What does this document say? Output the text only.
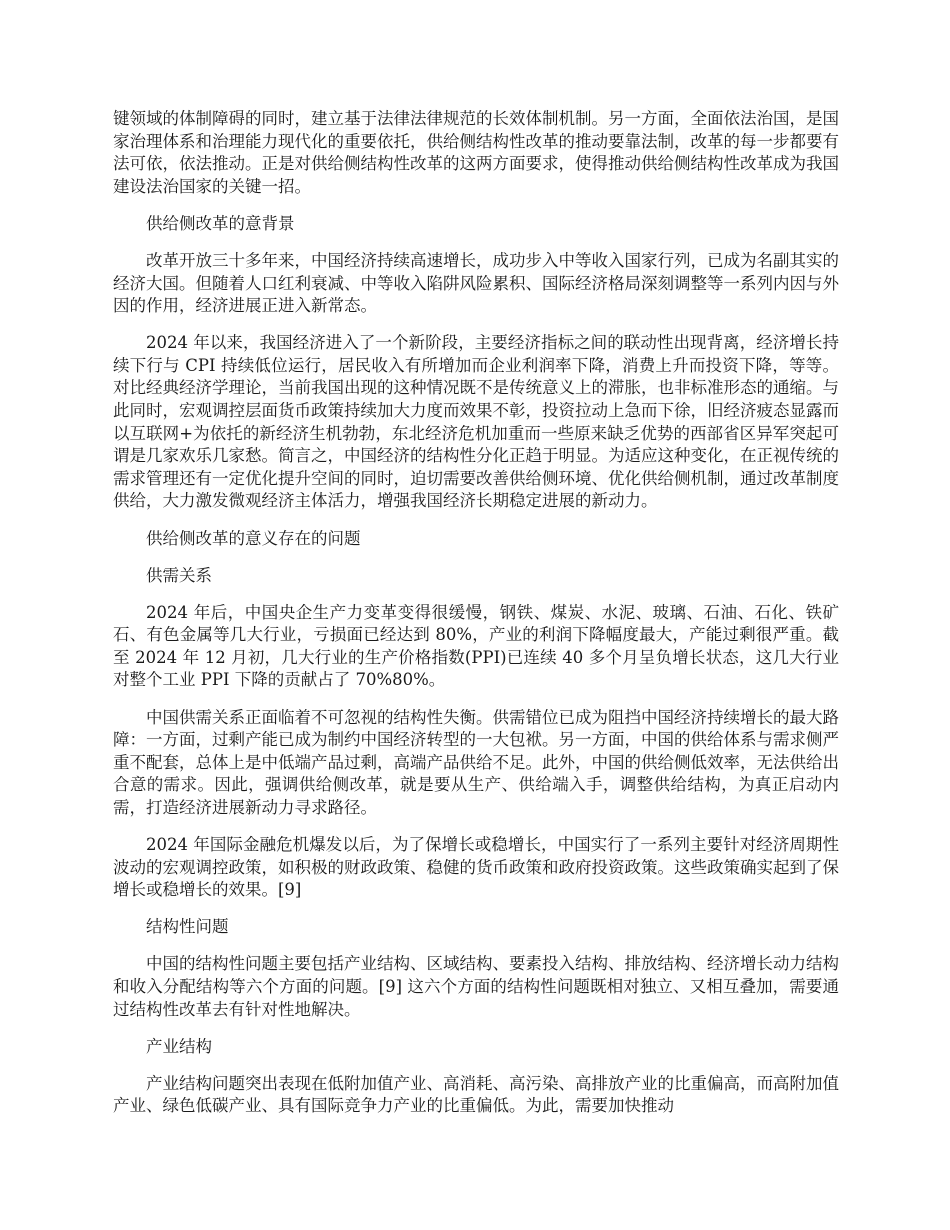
键领域的体制障碍的同时，建立基于法律法律规范的长效体制机制。另一方面，全面依法治国，是国家治理体系和治理能力现代化的重要依托，供给侧结构性改革的推动要靠法制，改革的每一步都要有法可依，依法推动。正是对供给侧结构性改革的这两方面要求，使得推动供给侧结构性改革成为我国建设法治国家的关键一招。

供给侧改革的意背景

改革开放三十多年来，中国经济持续高速增长，成功步入中等收入国家行列，已成为名副其实的经济大国。但随着人口红利衰减、中等收入陷阱风险累积、国际经济格局深刻调整等一系列内因与外因的作用，经济进展正进入新常态。

2024 年以来，我国经济进入了一个新阶段，主要经济指标之间的联动性出现背离，经济增长持续下行与 CPI 持续低位运行，居民收入有所增加而企业利润率下降，消费上升而投资下降，等等。对比经典经济学理论，当前我国出现的这种情况既不是传统意义上的滞胀，也非标准形态的通缩。与此同时，宏观调控层面货币政策持续加大力度而效果不彰，投资拉动上急而下徐，旧经济疲态显露而以互联网+为依托的新经济生机勃勃，东北经济危机加重而一些原来缺乏优势的西部省区异军突起可谓是几家欢乐几家愁。简言之，中国经济的结构性分化正趋于明显。为适应这种变化，在正视传统的需求管理还有一定优化提升空间的同时，迫切需要改善供给侧环境、优化供给侧机制，通过改革制度供给，大力激发微观经济主体活力，增强我国经济长期稳定进展的新动力。

供给侧改革的意义存在的问题

供需关系

2024 年后，中国央企生产力变革变得很缓慢，钢铁、煤炭、水泥、玻璃、石油、石化、铁矿石、有色金属等几大行业，亏损面已经达到 80%，产业的利润下降幅度最大，产能过剩很严重。截至 2024 年 12 月初，几大行业的生产价格指数(PPI)已连续 40 多个月呈负增长状态，这几大行业对整个工业 PPI 下降的贡献占了 70%80%。

中国供需关系正面临着不可忽视的结构性失衡。供需错位已成为阻挡中国经济持续增长的最大路障：一方面，过剩产能已成为制约中国经济转型的一大包袱。另一方面，中国的供给体系与需求侧严重不配套，总体上是中低端产品过剩，高端产品供给不足。此外，中国的供给侧低效率，无法供给出合意的需求。因此，强调供给侧改革，就是要从生产、供给端入手，调整供给结构，为真正启动内需，打造经济进展新动力寻求路径。

2024 年国际金融危机爆发以后，为了保增长或稳增长，中国实行了一系列主要针对经济周期性波动的宏观调控政策，如积极的财政政策、稳健的货币政策和政府投资政策。这些政策确实起到了保增长或稳增长的效果。[9]

结构性问题

中国的结构性问题主要包括产业结构、区域结构、要素投入结构、排放结构、经济增长动力结构和收入分配结构等六个方面的问题。[9] 这六个方面的结构性问题既相对独立、又相互叠加，需要通过结构性改革去有针对性地解决。

产业结构

产业结构问题突出表现在低附加值产业、高消耗、高污染、高排放产业的比重偏高，而高附加值产业、绿色低碳产业、具有国际竞争力产业的比重偏低。为此，需要加快推动
